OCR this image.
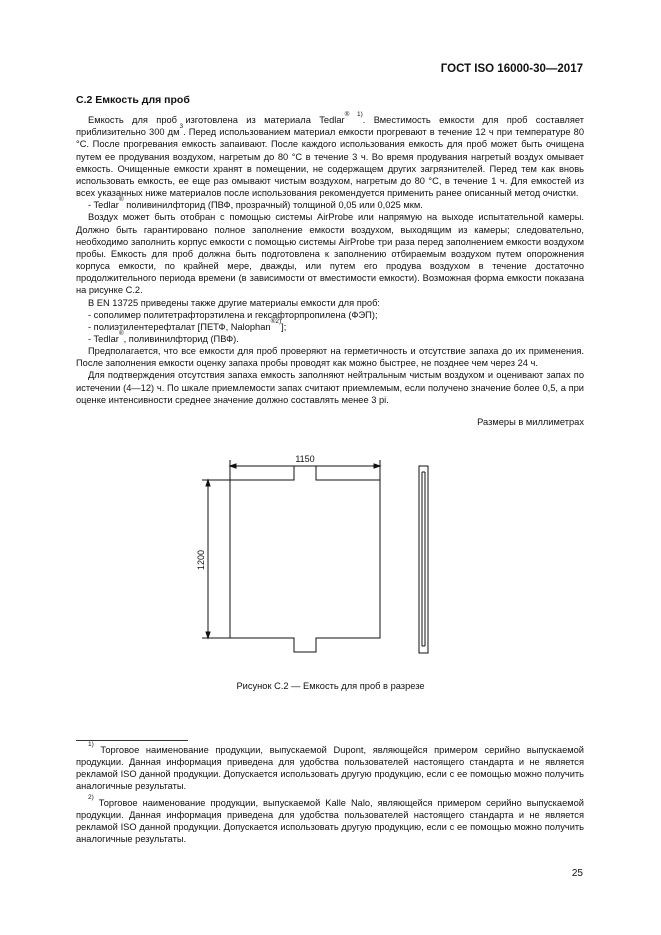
ГОСТ ISO 16000-30—2017
С.2 Емкость для проб

Емкость для проб изготовлена из материала Tedlar$^{® 1)}$. Вместимость емкости для проб составляет приблизительно 300 $дм^3$. Перед использованием материал емкости прогревают в течение 12 ч при температуре 80 °С. После прогревания емкость запаивают. После каждого использования емкость для проб может быть очищена путем ее продувания воздухом, нагретым до 80 °С в течение 3 ч. Во время продувания нагретый воздух омывает емкость. Очищенные емкости хранят в помещении, не содержащем других загрязнителей. Перед тем как вновь использовать емкость, ее еще раз омывают чистым воздухом, нагретым до 80 °С, в течение 1 ч. Для емкостей из всех указанных ниже материалов после использования рекомендуется применить ранее описанный метод очистки.

- Tedlar® поливинилфторид (ПВФ, прозрачный) толщиной 0,05 или 0,025 мкм.

Воздух может быть отобран с помощью системы AirProbe или напрямую на выходе испытательной камеры. Должно быть гарантировано полное заполнение емкости воздухом, выходящим из камеры; следовательно, необходимо заполнить корпус емкости с помощью системы AirProbe три раза перед заполнением емкости воздухом пробы. Емкость для проб должна быть подготовлена к заполнению отбираемым воздухом путем опорожнения корпуса емкости, по крайней мере, дважды, или путем его продува воздухом в течение достаточно продолжительного периода времени (в зависимости от вместимости емкости). Возможная форма емкости показана на рисунке С.2.

В EN 13725 приведены также другие материалы емкости для проб:

- сополимер политетрафторэтилена и гексафторпропилена (ФЭП);

- полиэтилентерефталат [ПЕТФ, Nalophan$^{®2)}$];

- Tedlar®, поливинилфторид (ПВФ).

Предполагается, что все емкости для проб проверяют на герметичность и отсутствие запаха до их применения. После заполнения емкости оценку запаха пробы проводят как можно быстрее, не позднее чем через 24 ч.

Для подтверждения отсутствия запаха емкость заполняют нейтральным чистым воздухом и оценивают запах по истечении (4—12) ч. По шкале приемлемости запах считают приемлемым, если получено значение более 0,5, а при оценке интенсивности среднее значение должно составлять менее 3 pi.

Размеры в миллиметрах
1150
1200
Рисунок С.2 — Емкость для проб в разрезе

$^{1)}$ Торговое наименование продукции, выпускаемой Dupont, являющейся примером серийно выпускаемой продукции. Данная информация приведена для удобства пользователей настоящего стандарта и не является рекламой ISO данной продукции. Допускается использовать другую продукцию, если с ее помощью можно получить аналогичные результаты.

$^{2)}$ Торговое наименование продукции, выпускаемой Kalle Nalo, являющейся примером серийно выпускаемой продукции. Данная информация приведена для удобства пользователей настоящего стандарта и не является рекламой ISO данной продукции. Допускается использовать другую продукцию, если с ее помощью можно получить аналогичные результаты.

25
